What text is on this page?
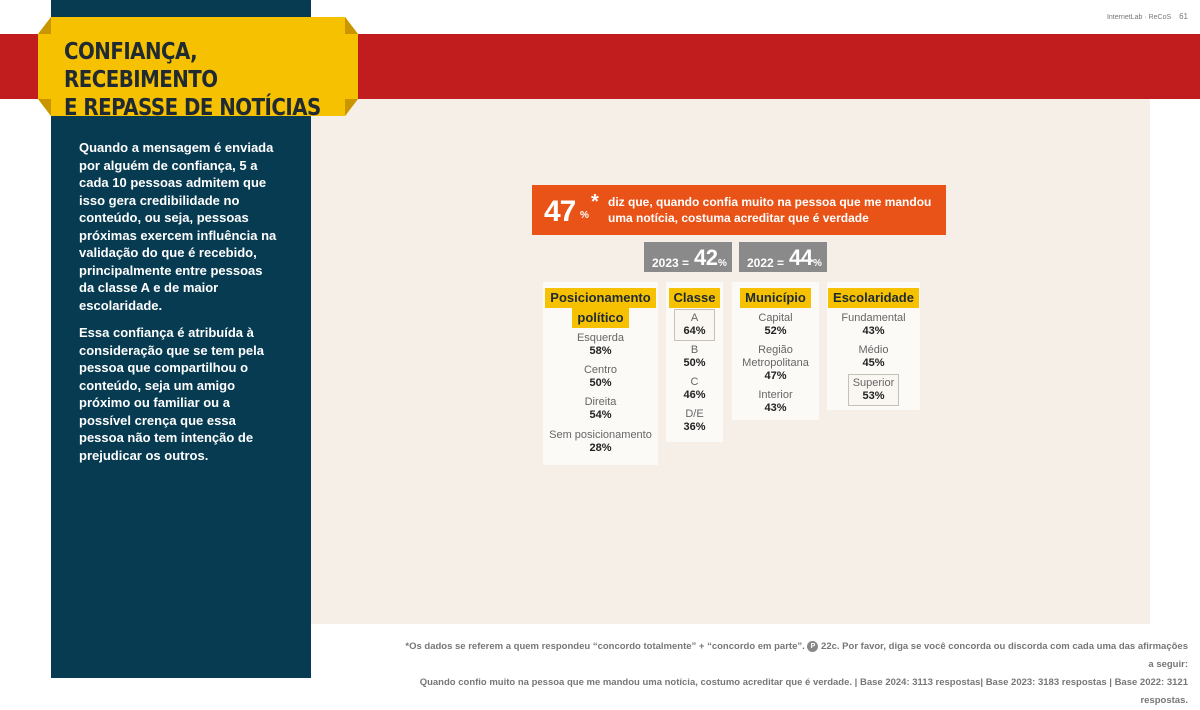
InternetLab · ReCoS 61
CONFIANÇA, RECEBIMENTO
E REPASSE DE NOTÍCIAS

Quando a mensagem é enviada por alguém de confiança, 5 a cada 10 pessoas admitem que isso gera credibilidade no conteúdo, ou seja, pessoas próximas exercem influência na validação do que é recebido, principalmente entre pessoas da classe A e de maior escolaridade.

Essa confiança é atribuída à consideração que se tem pela pessoa que compartilhou o conteúdo, seja um amigo próximo ou familiar ou a possível crença que essa pessoa não tem intenção de prejudicar os outros.

47 %
* diz que, quando confia muito na pessoa que me mandou uma notícia, costuma acreditar que é verdade
2023 = 42 % 2022 = 44 %
Posicionamento
político
Esquerda
58%
Centro
50%
Direita
54%
Sem posicionamento
28%
Classe
A
64%
B
50%
C
46%
D/E
36%
Município
Capital
52%
Região
Metropolitana
47%
Interior
43%
Escolaridade
Fundamental
43%
Médio
45%
Superior
53%
*Os dados se referem a quem respondeu “concordo totalmente” + “concordo em parte”. P 22c. Por favor, diga se você concorda ou discorda com cada uma das afirmações a seguir:
Quando confio muito na pessoa que me mandou uma notícia, costumo acreditar que é verdade. | Base 2024: 3113 respostas| Base 2023: 3183 respostas | Base 2022: 3121 respostas.
